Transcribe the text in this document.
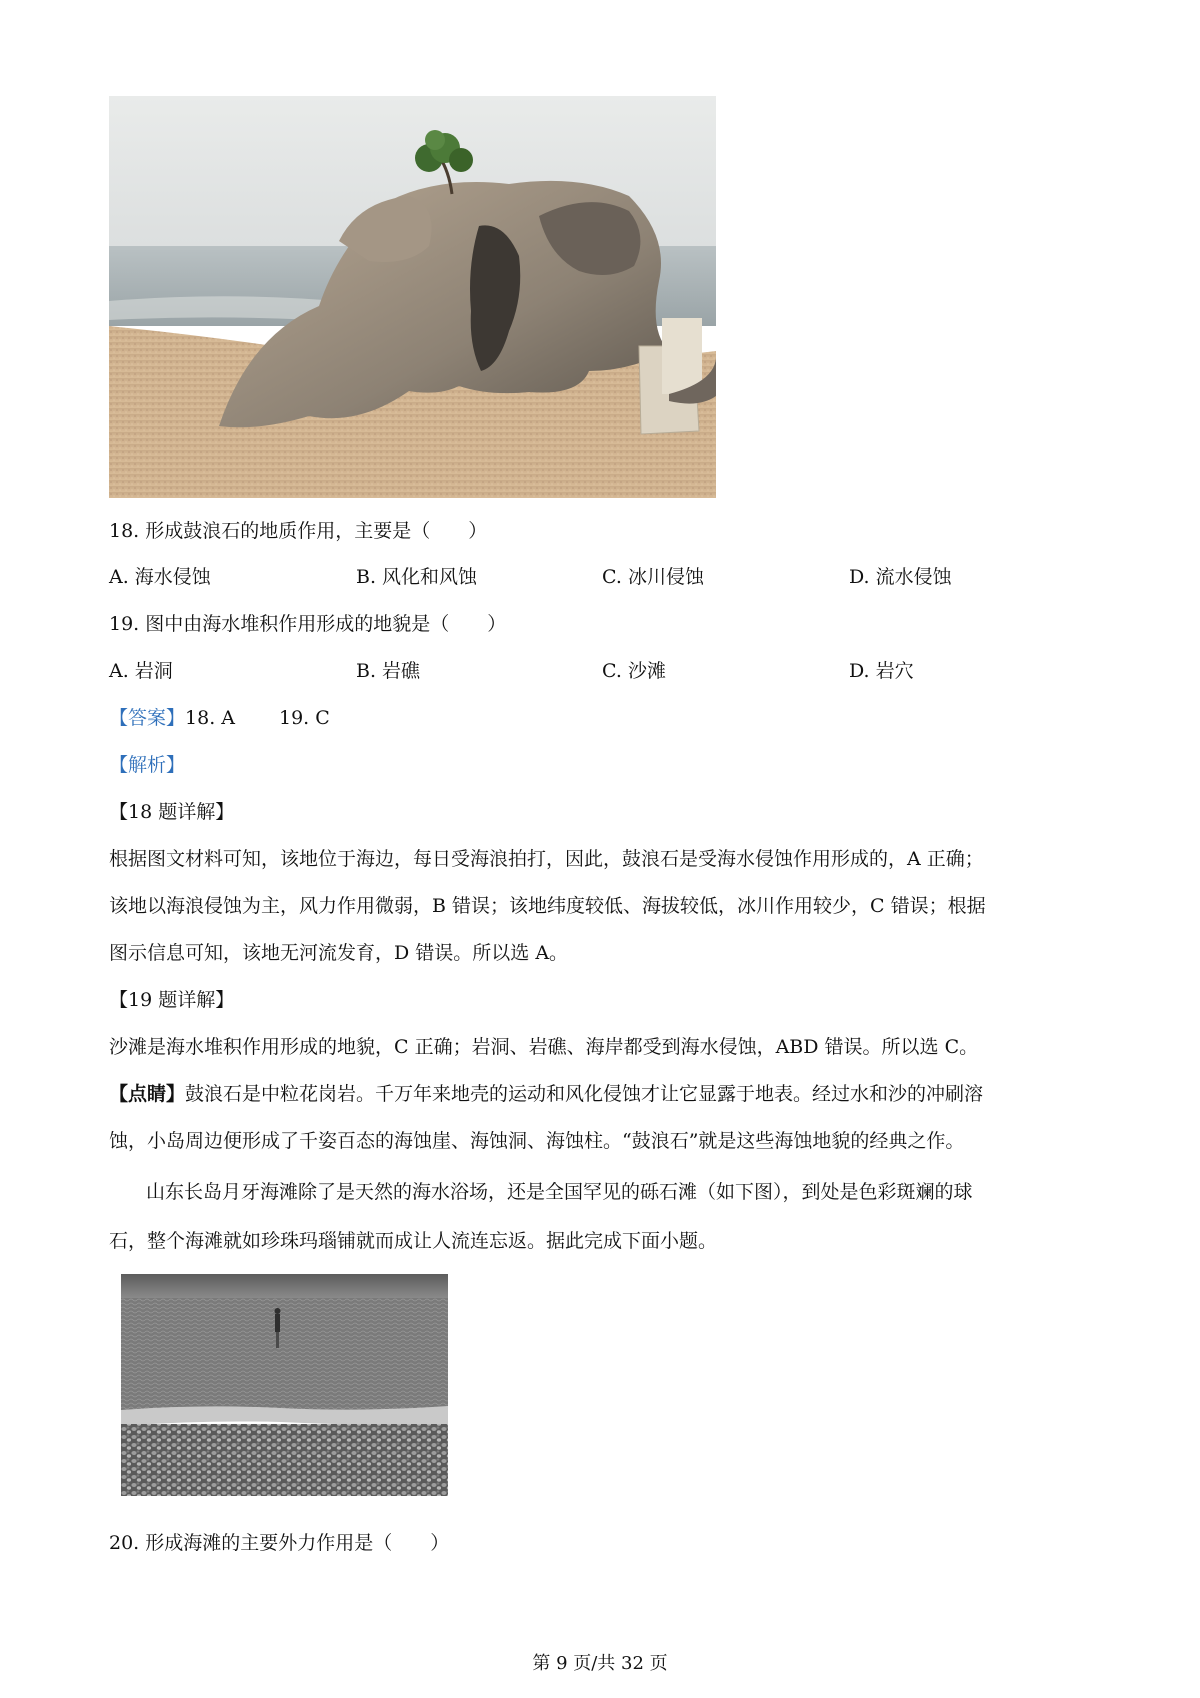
18. 形成鼓浪石的地质作用，主要是（　　）
A. 海水侵蚀	B. 风化和风蚀	C. 冰川侵蚀	D. 流水侵蚀
19. 图中由海水堆积作用形成的地貌是（　　）
A. 岩洞	B. 岩礁	C. 沙滩	D. 岩穴
【答案】18. A 19. C
【解析】
【18 题详解】
根据图文材料可知，该地位于海边，每日受海浪拍打，因此，鼓浪石是受海水侵蚀作用形成的，A 正确；
该地以海浪侵蚀为主，风力作用微弱，B 错误；该地纬度较低、海拔较低，冰川作用较少，C 错误；根据
图示信息可知，该地无河流发育，D 错误。所以选 A。
【19 题详解】
沙滩是海水堆积作用形成的地貌，C 正确；岩洞、岩礁、海岸都受到海水侵蚀，ABD 错误。所以选 C。
【点睛】鼓浪石是中粒花岗岩。千万年来地壳的运动和风化侵蚀才让它显露于地表。经过水和沙的冲刷溶
蚀，小岛周边便形成了千姿百态的海蚀崖、海蚀洞、海蚀柱。“鼓浪石”就是这些海蚀地貌的经典之作。
山东长岛月牙海滩除了是天然的海水浴场，还是全国罕见的砾石滩（如下图），到处是色彩斑斓的球
石，整个海滩就如珍珠玛瑙铺就而成让人流连忘返。据此完成下面小题。
20. 形成海滩的主要外力作用是（　　）
第 9 页/共 32 页
